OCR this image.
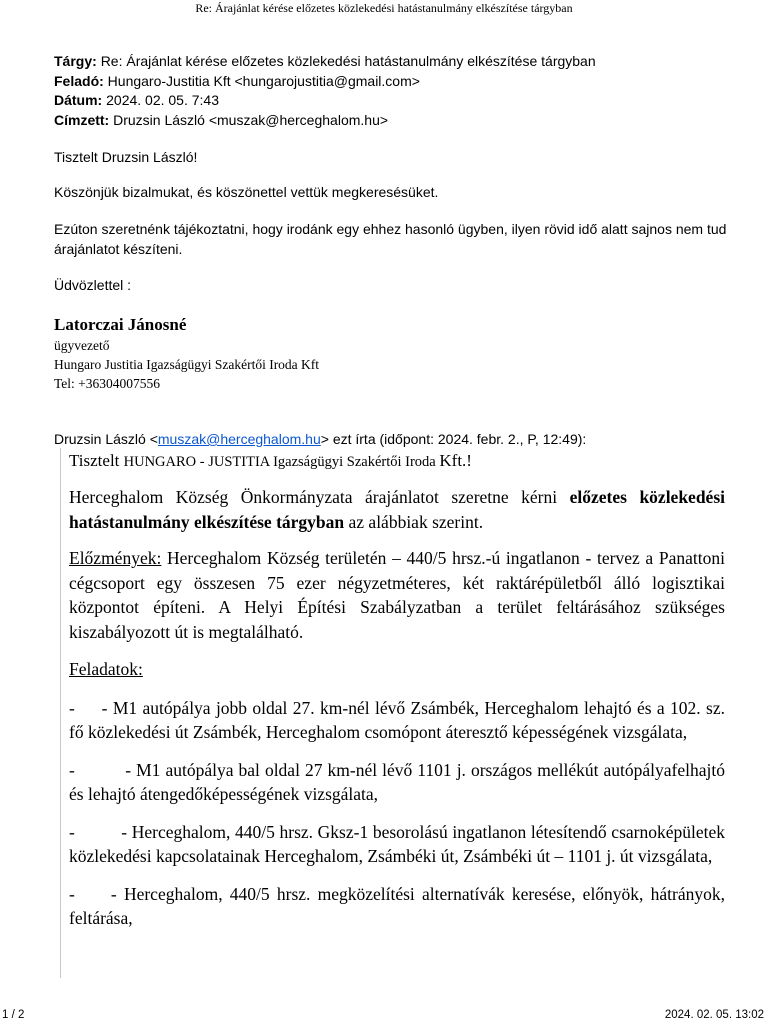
Re: Árajánlat kérése előzetes közlekedési hatástanulmány elkészítése tárgyban
Tárgy: Re: Árajánlat kérése előzetes közlekedési hatástanulmány elkészítése tárgyban
Feladó: Hungaro-Justitia Kft <hungarojustitia@gmail.com>
Dátum: 2024. 02. 05. 7:43
Címzett: Druzsin László <muszak@herceghalom.hu>

Tisztelt Druzsin László!

Köszönjük bizalmukat, és köszönettel vettük megkeresésüket.

Ezúton szeretnénk tájékoztatni, hogy irodánk egy ehhez hasonló ügyben, ilyen rövid idő alatt sajnos nem tud árajánlatot készíteni.

Üdvözlettel :

Latorczai Jánosné
ügyvezető
Hungaro Justitia Igazságügyi Szakértői Iroda Kft
Tel: +36304007556
Druzsin László <muszak@herceghalom.hu> ezt írta (időpont: 2024. febr. 2., P, 12:49):
Tisztelt HUNGARO - JUSTITIA Igazságügyi Szakértői Iroda Kft.!

Herceghalom Község Önkormányzata árajánlatot szeretne kérni előzetes közlekedési hatástanulmány elkészítése tárgyban az alábbiak szerint.

Előzmények: Herceghalom Község területén – 440/5 hrsz.-ú ingatlanon - tervez a Panattoni cégcsoport egy összesen 75 ezer négyzetméteres, két raktárépületből álló logisztikai központot építeni. A Helyi Építési Szabályzatban a terület feltárásához szükséges kiszabályozott út is megtalálható.

Feladatok:

-     - M1 autópálya jobb oldal 27. km-nél lévő Zsámbék, Herceghalom lehajtó és a 102. sz. fő közlekedési út Zsámbék, Herceghalom csomópont áteresztő képességének vizsgálata,

-          - M1 autópálya bal oldal 27 km-nél lévő 1101 j. országos mellékút autópályafelhajtó és lehajtó átengedőképességének vizsgálata,

-          - Herceghalom, 440/5 hrsz. Gksz-1 besorolású ingatlanon létesítendő csarnoképületek közlekedési kapcsolatainak Herceghalom, Zsámbéki út, Zsámbéki út – 1101 j. út vizsgálata,

-     - Herceghalom, 440/5 hrsz. megközelítési alternatívák keresése, előnyök, hátrányok, feltárása,

1 / 2	2024. 02. 05. 13:02
